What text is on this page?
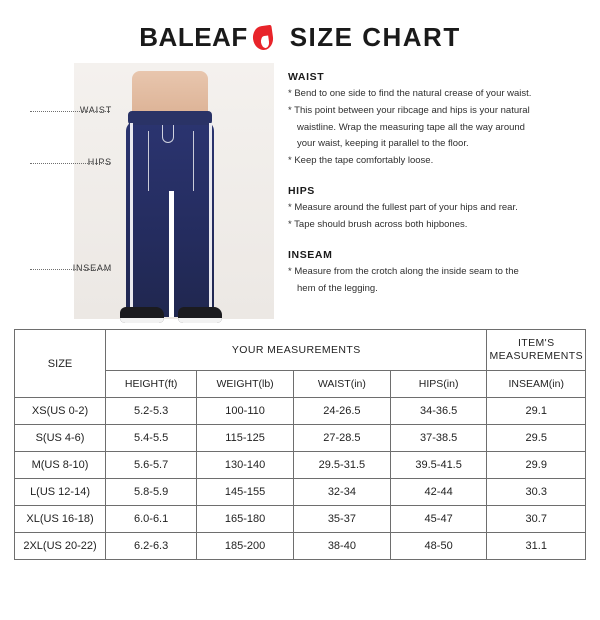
BALEAF SIZE CHART
WAIST
HIPS
INSEAM

WAIST

* Bend to one side to find the natural crease of your waist.

* This point between your ribcage and hips is your natural

waistline. Wrap the measuring tape all the way around

your waist, keeping it parallel to the floor.

* Keep the tape comfortably loose.

HIPS

* Measure around the fullest part of your hips and rear.

* Tape should brush across both hipbones.

INSEAM

* Measure from the crotch along the inside seam to the

hem of the legging.

SIZE	YOUR MEASUREMENTS				ITEM'S
MEASUREMENTS
	HEIGHT(ft)	WEIGHT(lb)	WAIST(in)	HIPS(in)	INSEAM(in)
XS(US 0-2)	5.2-5.3	100-110	24-26.5	34-36.5	29.1
S(US 4-6)	5.4-5.5	115-125	27-28.5	37-38.5	29.5
M(US 8-10)	5.6-5.7	130-140	29.5-31.5	39.5-41.5	29.9
L(US 12-14)	5.8-5.9	145-155	32-34	42-44	30.3
XL(US 16-18)	6.0-6.1	165-180	35-37	45-47	30.7
2XL(US 20-22)	6.2-6.3	185-200	38-40	48-50	31.1
